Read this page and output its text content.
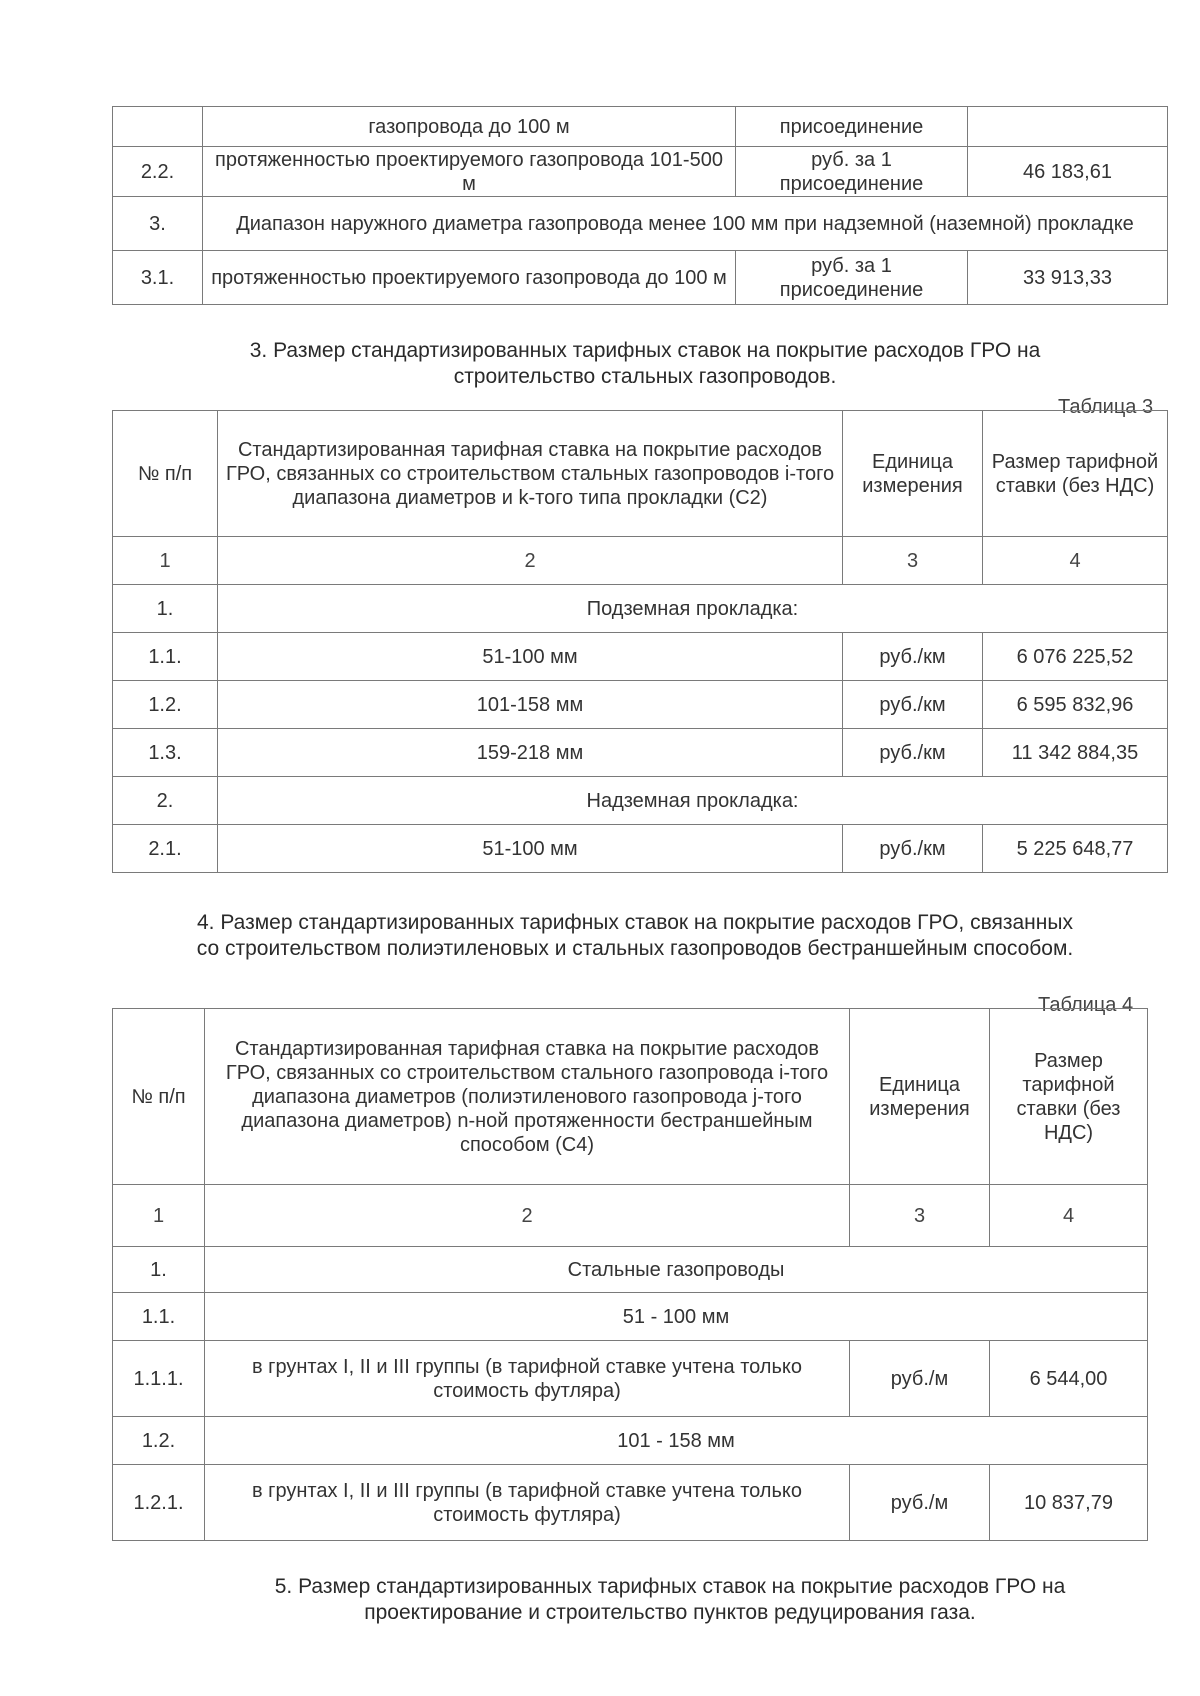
	газопровода до 100 м	присоединение	
2.2.	протяженностью проектируемого газопровода 101-500 м	руб. за 1 присоединение	46 183,61
3.	Диапазон наружного диаметра газопровода менее 100 мм при надземной (наземной) прокладке		
3.1.	протяженностью проектируемого газопровода до 100 м	руб. за 1 присоединение	33 913,33
3. Размер стандартизированных тарифных ставок на покрытие расходов ГРО на строительство стальных газопроводов.
Таблица 3
№ п/п	Стандартизированная тарифная ставка на покрытие расходов ГРО, связанных со строительством стальных газопроводов i-того диапазона диаметров и k-того типа прокладки (С2)	Единица измерения	Размер тарифной ставки (без НДС)
1	2	3	4
1.	Подземная прокладка:		
1.1.	51-100 мм	руб./км	6 076 225,52
1.2.	101-158 мм	руб./км	6 595 832,96
1.3.	159-218 мм	руб./км	11 342 884,35
2.	Надземная прокладка:		
2.1.	51-100 мм	руб./км	5 225 648,77
4. Размер стандартизированных тарифных ставок на покрытие расходов ГРО, связанных со строительством полиэтиленовых и стальных газопроводов бестраншейным способом.
Таблица 4
№ п/п	Стандартизированная тарифная ставка на покрытие расходов ГРО, связанных со строительством стального газопровода i-того диапазона диаметров (полиэтиленового газопровода j-того диапазона диаметров) n-ной протяженности бестраншейным способом (С4)	Единица измерения	Размер тарифной ставки (без НДС)
1	2	3	4
1.	Стальные газопроводы		
1.1.	51 - 100 мм		
1.1.1.	в грунтах I, II и III группы (в тарифной ставке учтена только стоимость футляра)	руб./м	6 544,00
1.2.	101 - 158 мм		
1.2.1.	в грунтах I, II и III группы (в тарифной ставке учтена только стоимость футляра)	руб./м	10 837,79
5. Размер стандартизированных тарифных ставок на покрытие расходов ГРО на проектирование и строительство пунктов редуцирования газа.
